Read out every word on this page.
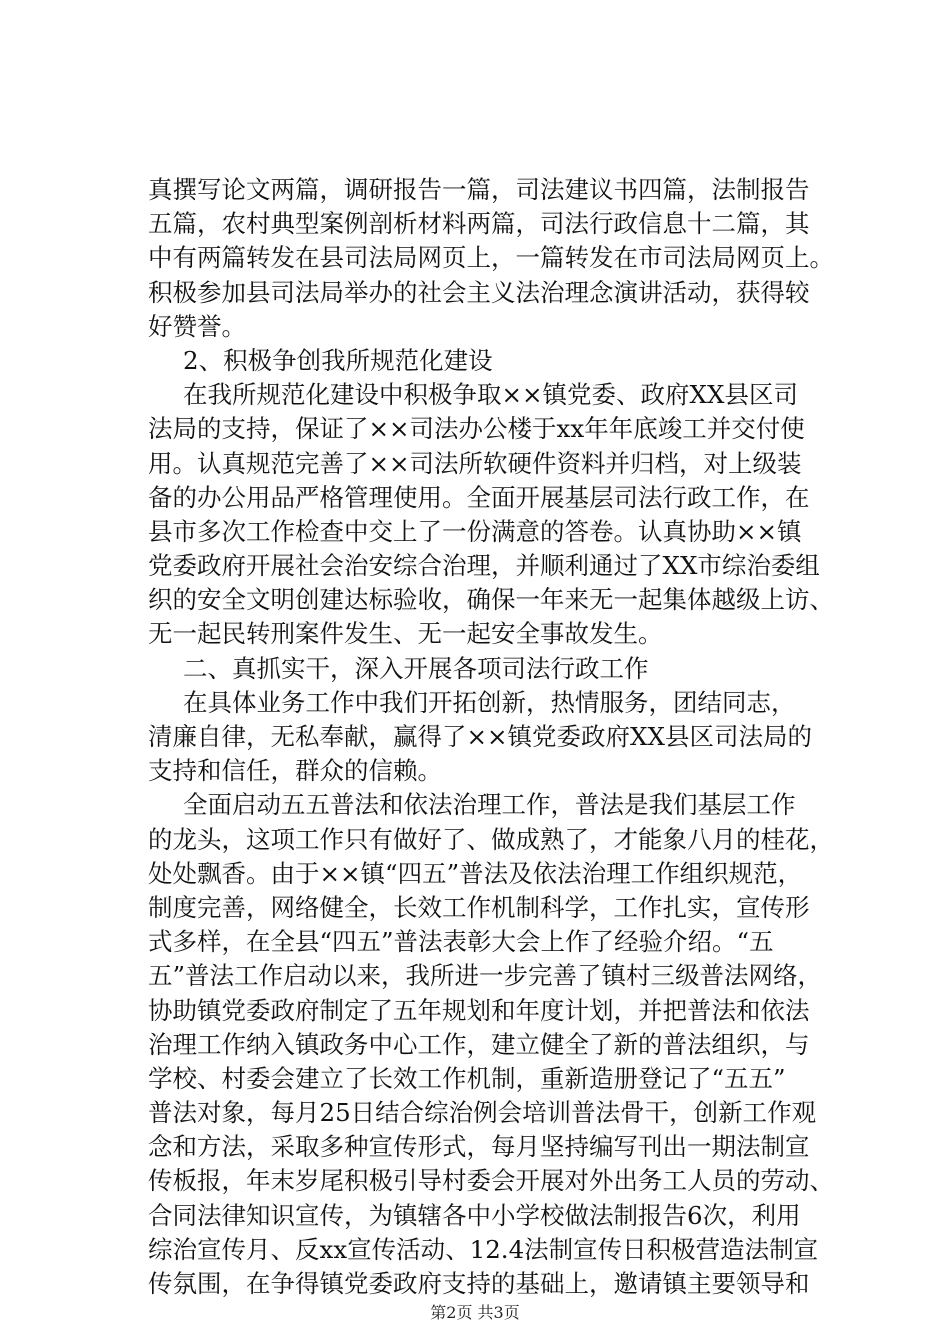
真撰写论文两篇，调研报告一篇，司法建议书四篇，法制报告
五篇，农村典型案例剖析材料两篇，司法行政信息十二篇，其
中有两篇转发在县司法局网页上，一篇转发在市司法局网页上。
积极参加县司法局举办的社会主义法治理念演讲活动，获得较
好赞誉。
2、积极争创我所规范化建设
在我所规范化建设中积极争取××镇党委、政府XX县区司
法局的支持，保证了××司法办公楼于xx年年底竣工并交付使
用。认真规范完善了××司法所软硬件资料并归档，对上级装
备的办公用品严格管理使用。全面开展基层司法行政工作，在
县市多次工作检查中交上了一份满意的答卷。认真协助××镇
党委政府开展社会治安综合治理，并顺利通过了XX市综治委组
织的安全文明创建达标验收，确保一年来无一起集体越级上访、
无一起民转刑案件发生、无一起安全事故发生。
二、真抓实干，深入开展各项司法行政工作
在具体业务工作中我们开拓创新，热情服务，团结同志，
清廉自律，无私奉献，赢得了××镇党委政府XX县区司法局的
支持和信任，群众的信赖。
全面启动五五普法和依法治理工作，普法是我们基层工作
的龙头，这项工作只有做好了、做成熟了，才能象八月的桂花，
处处飘香。由于××镇“四五”普法及依法治理工作组织规范，
制度完善，网络健全，长效工作机制科学，工作扎实，宣传形
式多样，在全县“四五”普法表彰大会上作了经验介绍。“五
五”普法工作启动以来，我所进一步完善了镇村三级普法网络，
协助镇党委政府制定了五年规划和年度计划，并把普法和依法
治理工作纳入镇政务中心工作，建立健全了新的普法组织，与
学校、村委会建立了长效工作机制，重新造册登记了“五五”
普法对象，每月25日结合综治例会培训普法骨干，创新工作观
念和方法，采取多种宣传形式，每月坚持编写刊出一期法制宣
传板报，年末岁尾积极引导村委会开展对外出务工人员的劳动、
合同法律知识宣传，为镇辖各中小学校做法制报告6次，利用
综治宣传月、反xx宣传活动、12.4法制宣传日积极营造法制宣
传氛围，在争得镇党委政府支持的基础上，邀请镇主要领导和
第2页 共3页
